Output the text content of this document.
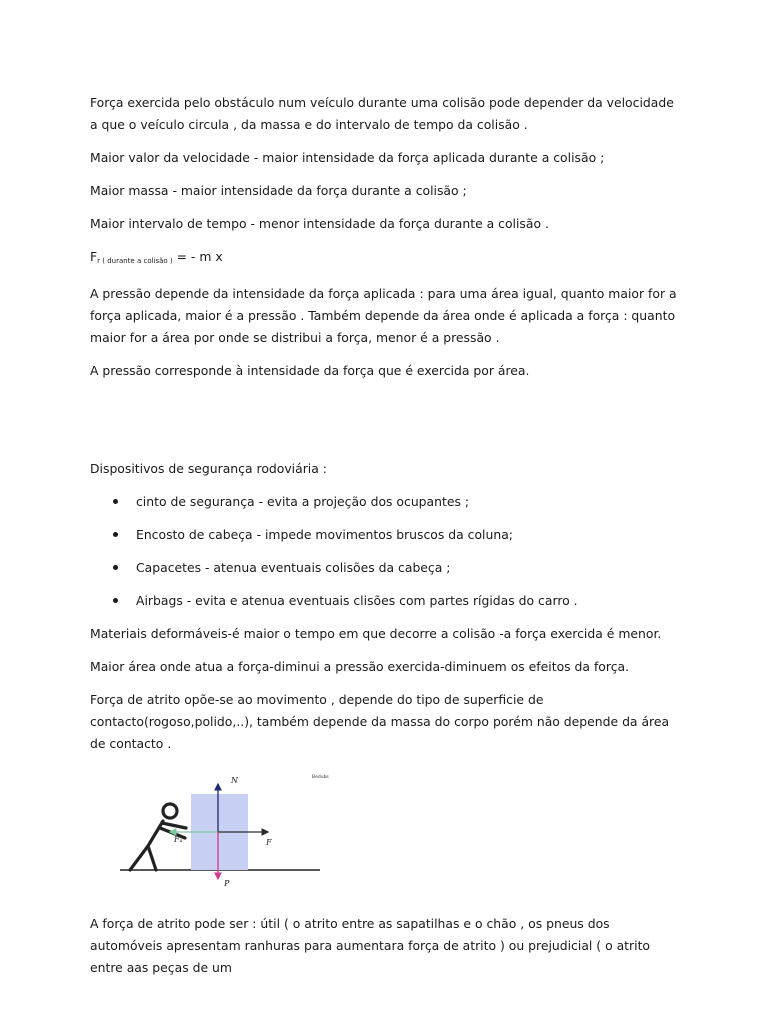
Força exercida pelo obstáculo num veículo durante uma colisão pode depender da velocidade a que o veículo circula , da massa e do intervalo de tempo da colisão .

Maior valor da velocidade - maior intensidade da força aplicada durante a colisão ;

Maior massa - maior intensidade da força durante a colisão ;

Maior intervalo de tempo - menor intensidade da força durante a colisão .

$F_{r ( durante a colisão )}$ = - m x

A pressão depende da intensidade da força aplicada : para uma área igual, quanto maior for a força aplicada, maior é a pressão . Também depende da área onde é aplicada a força : quanto maior for a área por onde se distribui a força, menor é a pressão .

A pressão corresponde à intensidade da força que é exercida por área.

Dispositivos de segurança rodoviária :

cinto de segurança - evita a projeção dos ocupantes ;
Encosto de cabeça - impede movimentos bruscos da coluna;
Capacetes - atenua eventuais colisões da cabeça ;
Airbags - evita e atenua eventuais clisões com partes rígidas do carro .

Materiais deformáveis-é maior o tempo em que decorre a colisão -a força exercida é menor.

Maior área onde atua a força-diminui a pressão exercida-diminuem os efeitos da força.

Força de atrito opõe-se ao movimento , depende do tipo de superficie de contacto(rogoso,polido,..), também depende da massa do corpo porém não depende da área de contacto .

N
F
Fa
P
Bedubs

A força de atrito pode ser : útil ( o atrito entre as sapatilhas e o chão , os pneus dos automóveis apresentam ranhuras para aumentara força de atrito ) ou prejudicial ( o atrito entre aas peças de um
